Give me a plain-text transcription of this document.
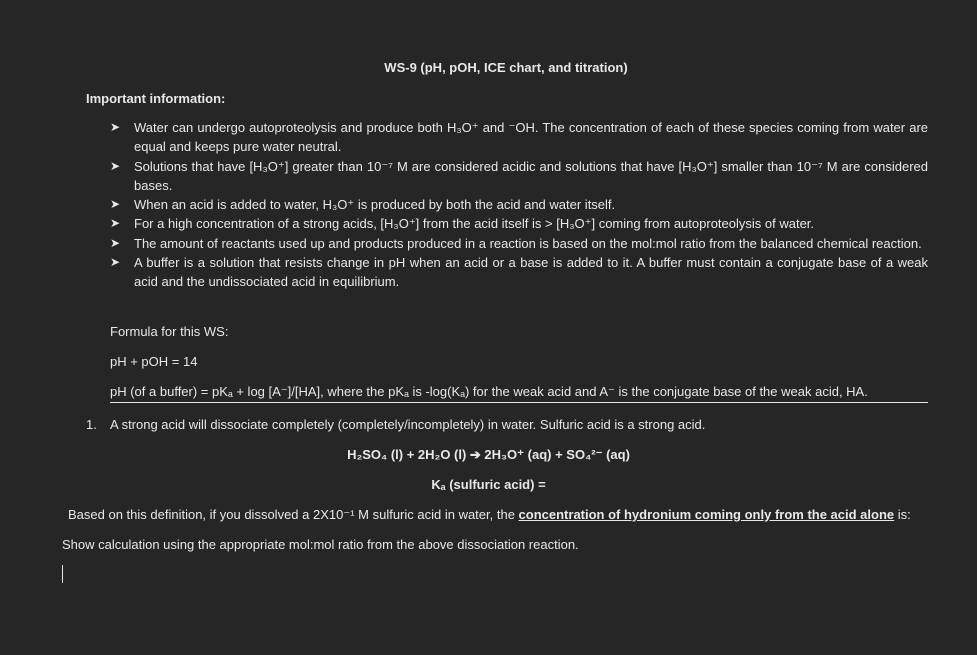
WS-9 (pH, pOH, ICE chart, and titration)
Important information:
➤ Water can undergo autoproteolysis and produce both H₃O⁺ and ⁻OH. The concentration of each of these species coming from water are equal and keeps pure water neutral.
➤ Solutions that have [H₃O⁺] greater than 10⁻⁷ M are considered acidic and solutions that have [H₃O⁺] smaller than 10⁻⁷ M are considered bases.
➤ When an acid is added to water, H₃O⁺ is produced by both the acid and water itself.
➤ For a high concentration of a strong acids, [H₃O⁺] from the acid itself is > [H₃O⁺] coming from autoproteolysis of water.
➤ The amount of reactants used up and products produced in a reaction is based on the mol:mol ratio from the balanced chemical reaction.
➤ A buffer is a solution that resists change in pH when an acid or a base is added to it. A buffer must contain a conjugate base of a weak acid and the undissociated acid in equilibrium.
Formula for this WS:
pH + pOH = 14
pH (of a buffer) = pKₐ + log [A⁻]/[HA], where the pKₐ is -log(Kₐ) for the weak acid and A⁻ is the conjugate base of the weak acid, HA.
1. A strong acid will dissociate completely (completely/incompletely) in water. Sulfuric acid is a strong acid.
H₂SO₄ (l) + 2H₂O (l) ➔ 2H₃O⁺ (aq) + SO₄²⁻ (aq)
Kₐ (sulfuric acid) =
Based on this definition, if you dissolved a 2X10⁻¹ M sulfuric acid in water, the concentration of hydronium coming only from the acid alone is:
Show calculation using the appropriate mol:mol ratio from the above dissociation reaction.
